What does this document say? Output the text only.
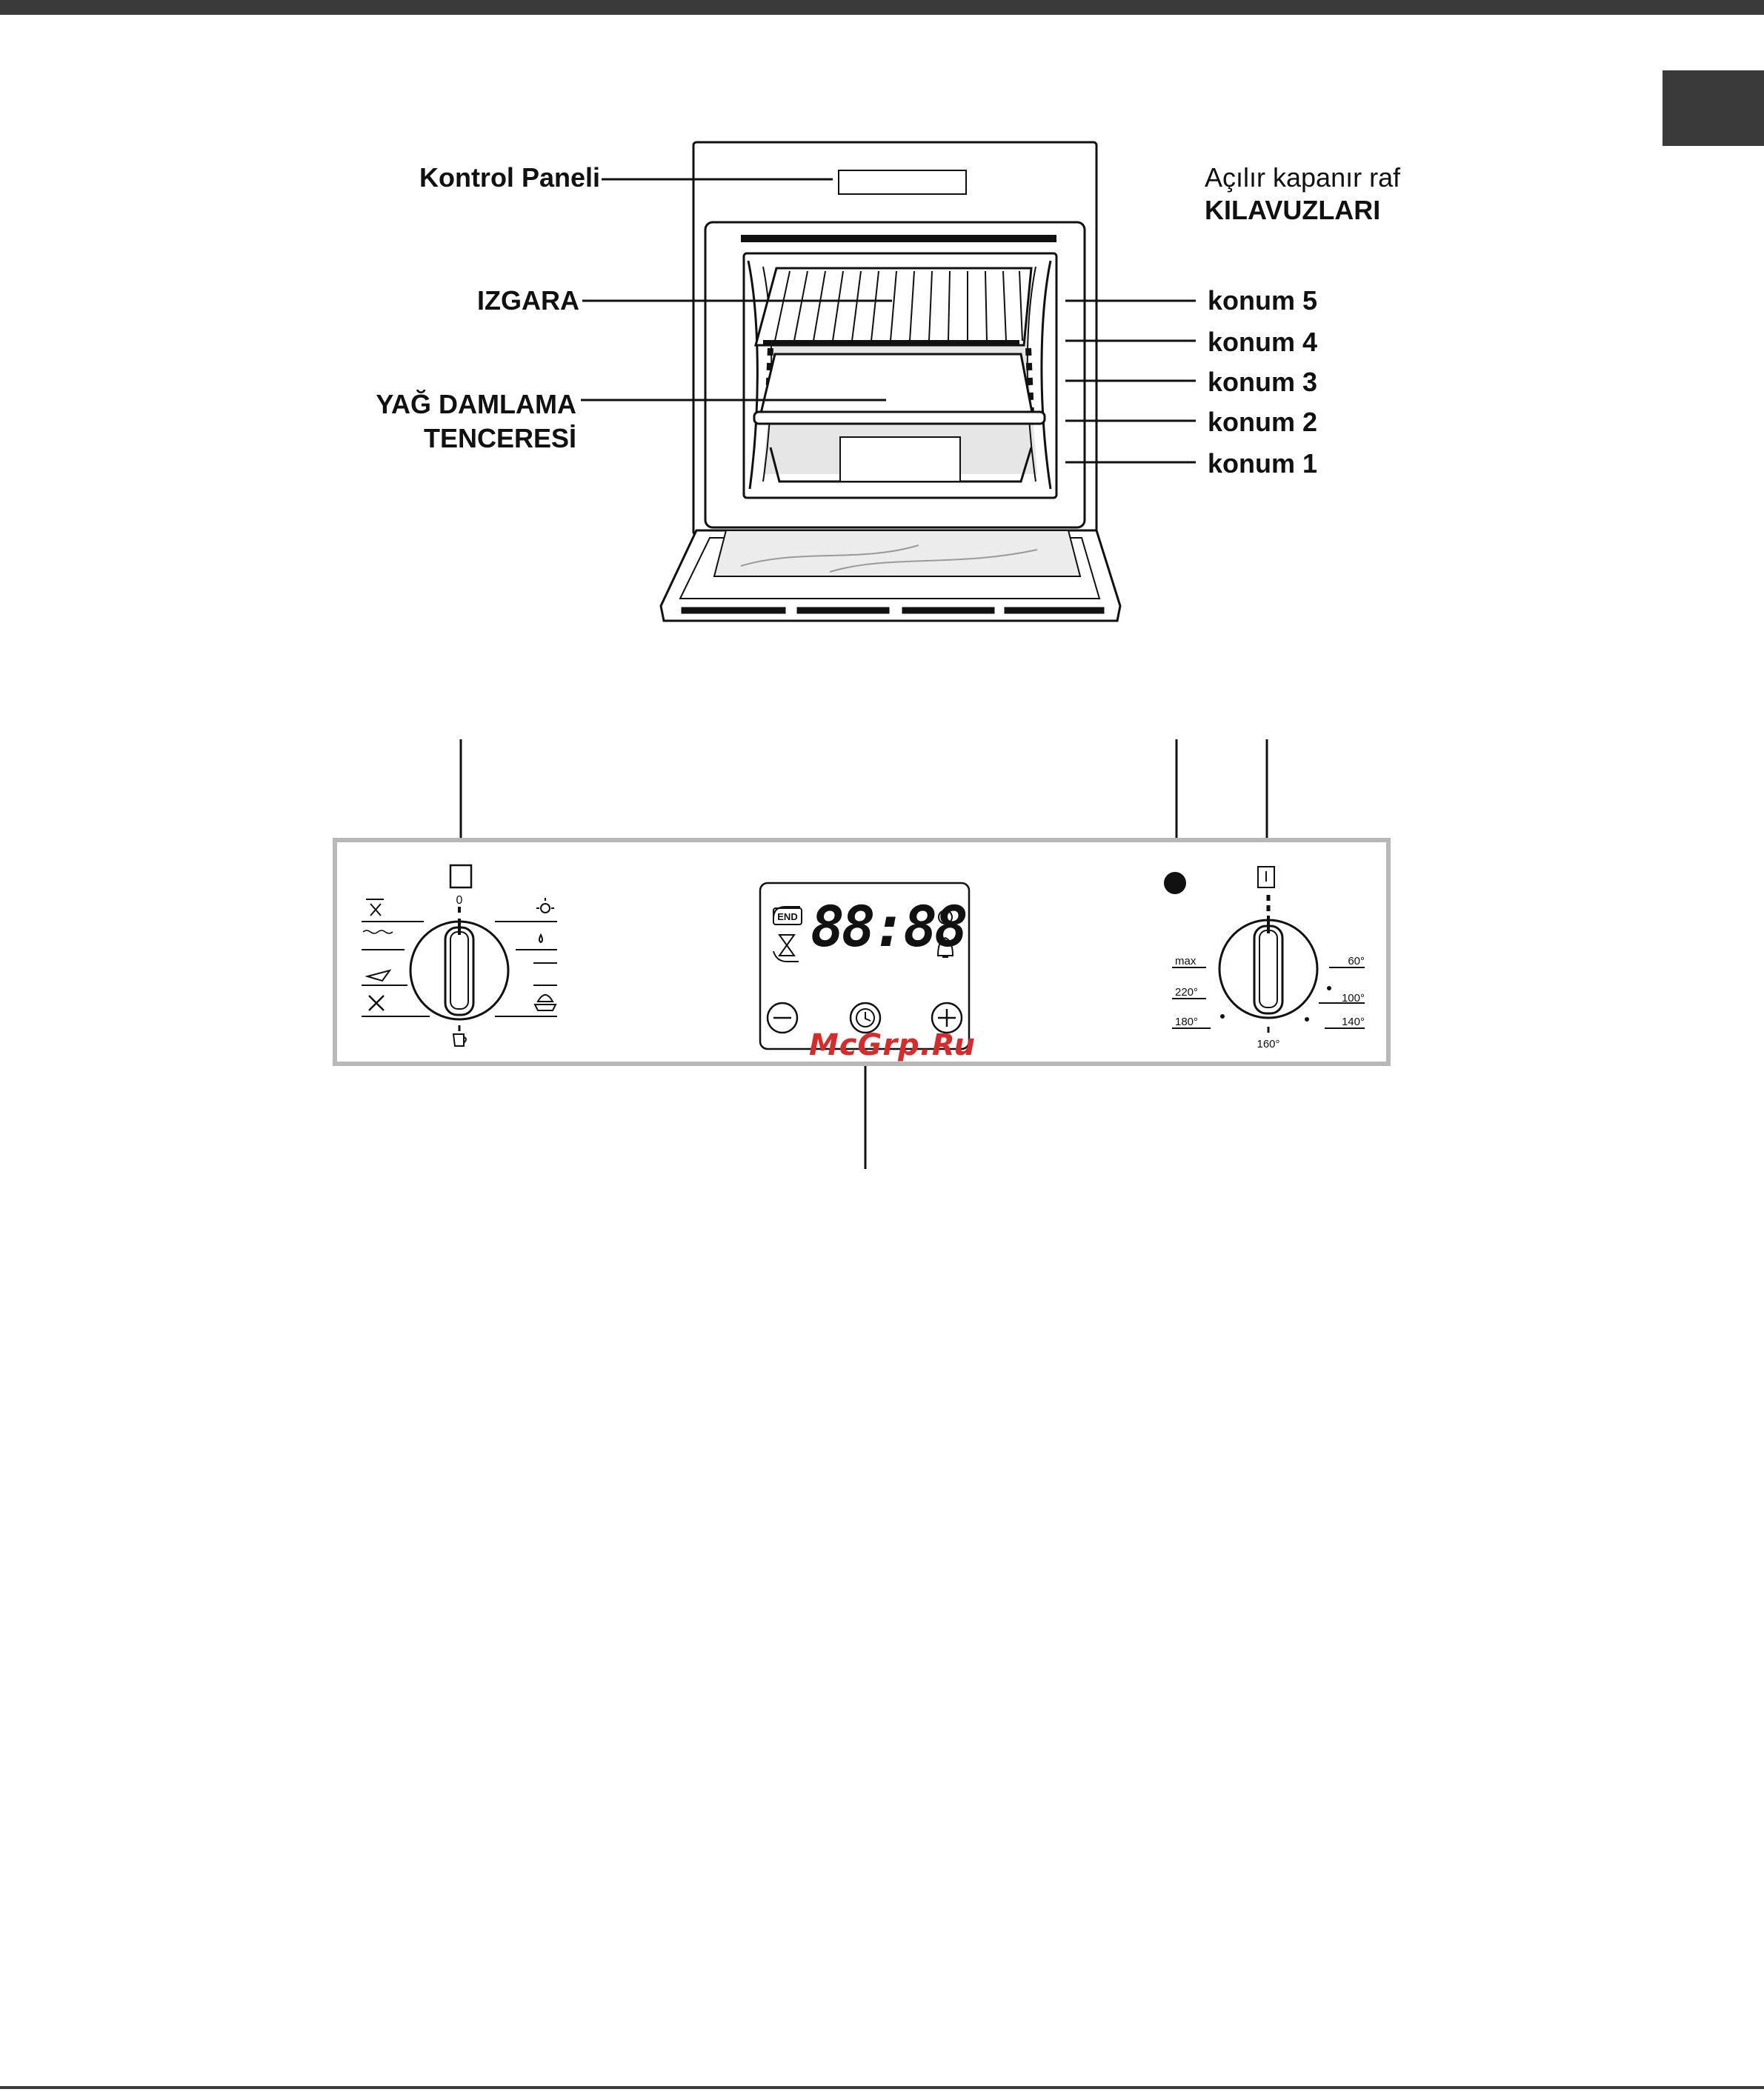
0
END
max
220°
180°
60°
100°
140°
160°
Kontrol Paneli	Açılır kapanır raf
KILAVUZLARI
IZGARA
YAĞ DAMLAMA
TENCERESİ
konum 5
konum 4
konum 3
konum 2
konum 1
88:88
McGrp.Ru
